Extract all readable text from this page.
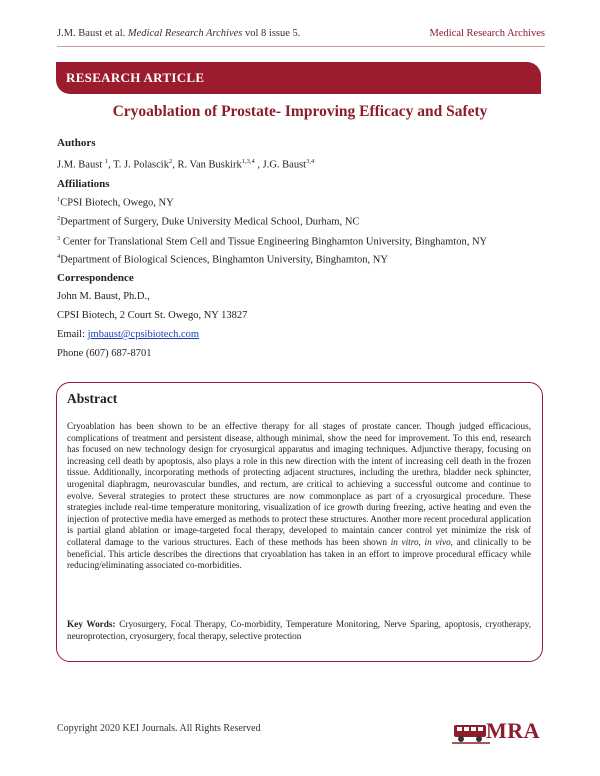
J.M. Baust et al. Medical Research Archives vol 8 issue 5.	Medical Research Archives
RESEARCH ARTICLE
Cryoablation of Prostate- Improving Efficacy and Safety
Authors
J.M. Baust $^1$, T. J. Polascik$^2$, R. Van Buskirk$^{1,3,4}$ , J.G. Baust$^{3,4}$
Affiliations
$^1$CPSI Biotech, Owego, NY
$^2$Department of Surgery, Duke University Medical School, Durham, NC
$^3$ Center for Translational Stem Cell and Tissue Engineering Binghamton University, Binghamton, NY
$^4$Department of Biological Sciences, Binghamton University, Binghamton, NY
Correspondence
John M. Baust, Ph.D.,
CPSI Biotech, 2 Court St. Owego, NY 13827
Email: jmbaust@cpsibiotech.com
Phone (607) 687-8701
Abstract
Cryoablation has been shown to be an effective therapy for all stages of prostate cancer. Though judged efficacious, complications of treatment and persistent disease, although minimal, show the need for improvement. To this end, research has focused on new technology design for cryosurgical apparatus and imaging techniques. Adjunctive therapy, focusing on increasing cell death by apoptosis, also plays a role in this new direction with the intent of increasing cell death in the frozen tissue. Additionally, incorporating methods of protecting adjacent structures, including the urethra, bladder neck sphincter, urogenital diaphragm, neurovascular bundles, and rectum, are critical to achieving a successful outcome and continue to evolve. Several strategies to protect these structures are now commonplace as part of a cryosurgical procedure. These strategies include real-time temperature monitoring, visualization of ice growth during freezing, active heating and even the injection of protective media have emerged as methods to protect these structures. Another more recent procedural application is partial gland ablation or image-targeted focal therapy, developed to maintain cancer control yet minimize the risk of collateral damage to the various structures. Each of these methods has been shown in vitro, in vivo, and clinically to be beneficial. This article describes the directions that cryoablation has taken in an effort to improve procedural efficacy while reducing/eliminating associated co-morbidities.
Key Words: Cryosurgery, Focal Therapy, Co-morbidity, Temperature Monitoring, Nerve Sparing, apoptosis, cryotherapy, neuroprotection, cryosurgery, focal therapy, selective protection
Copyright 2020 KEI Journals. All Rights Reserved	MRA
